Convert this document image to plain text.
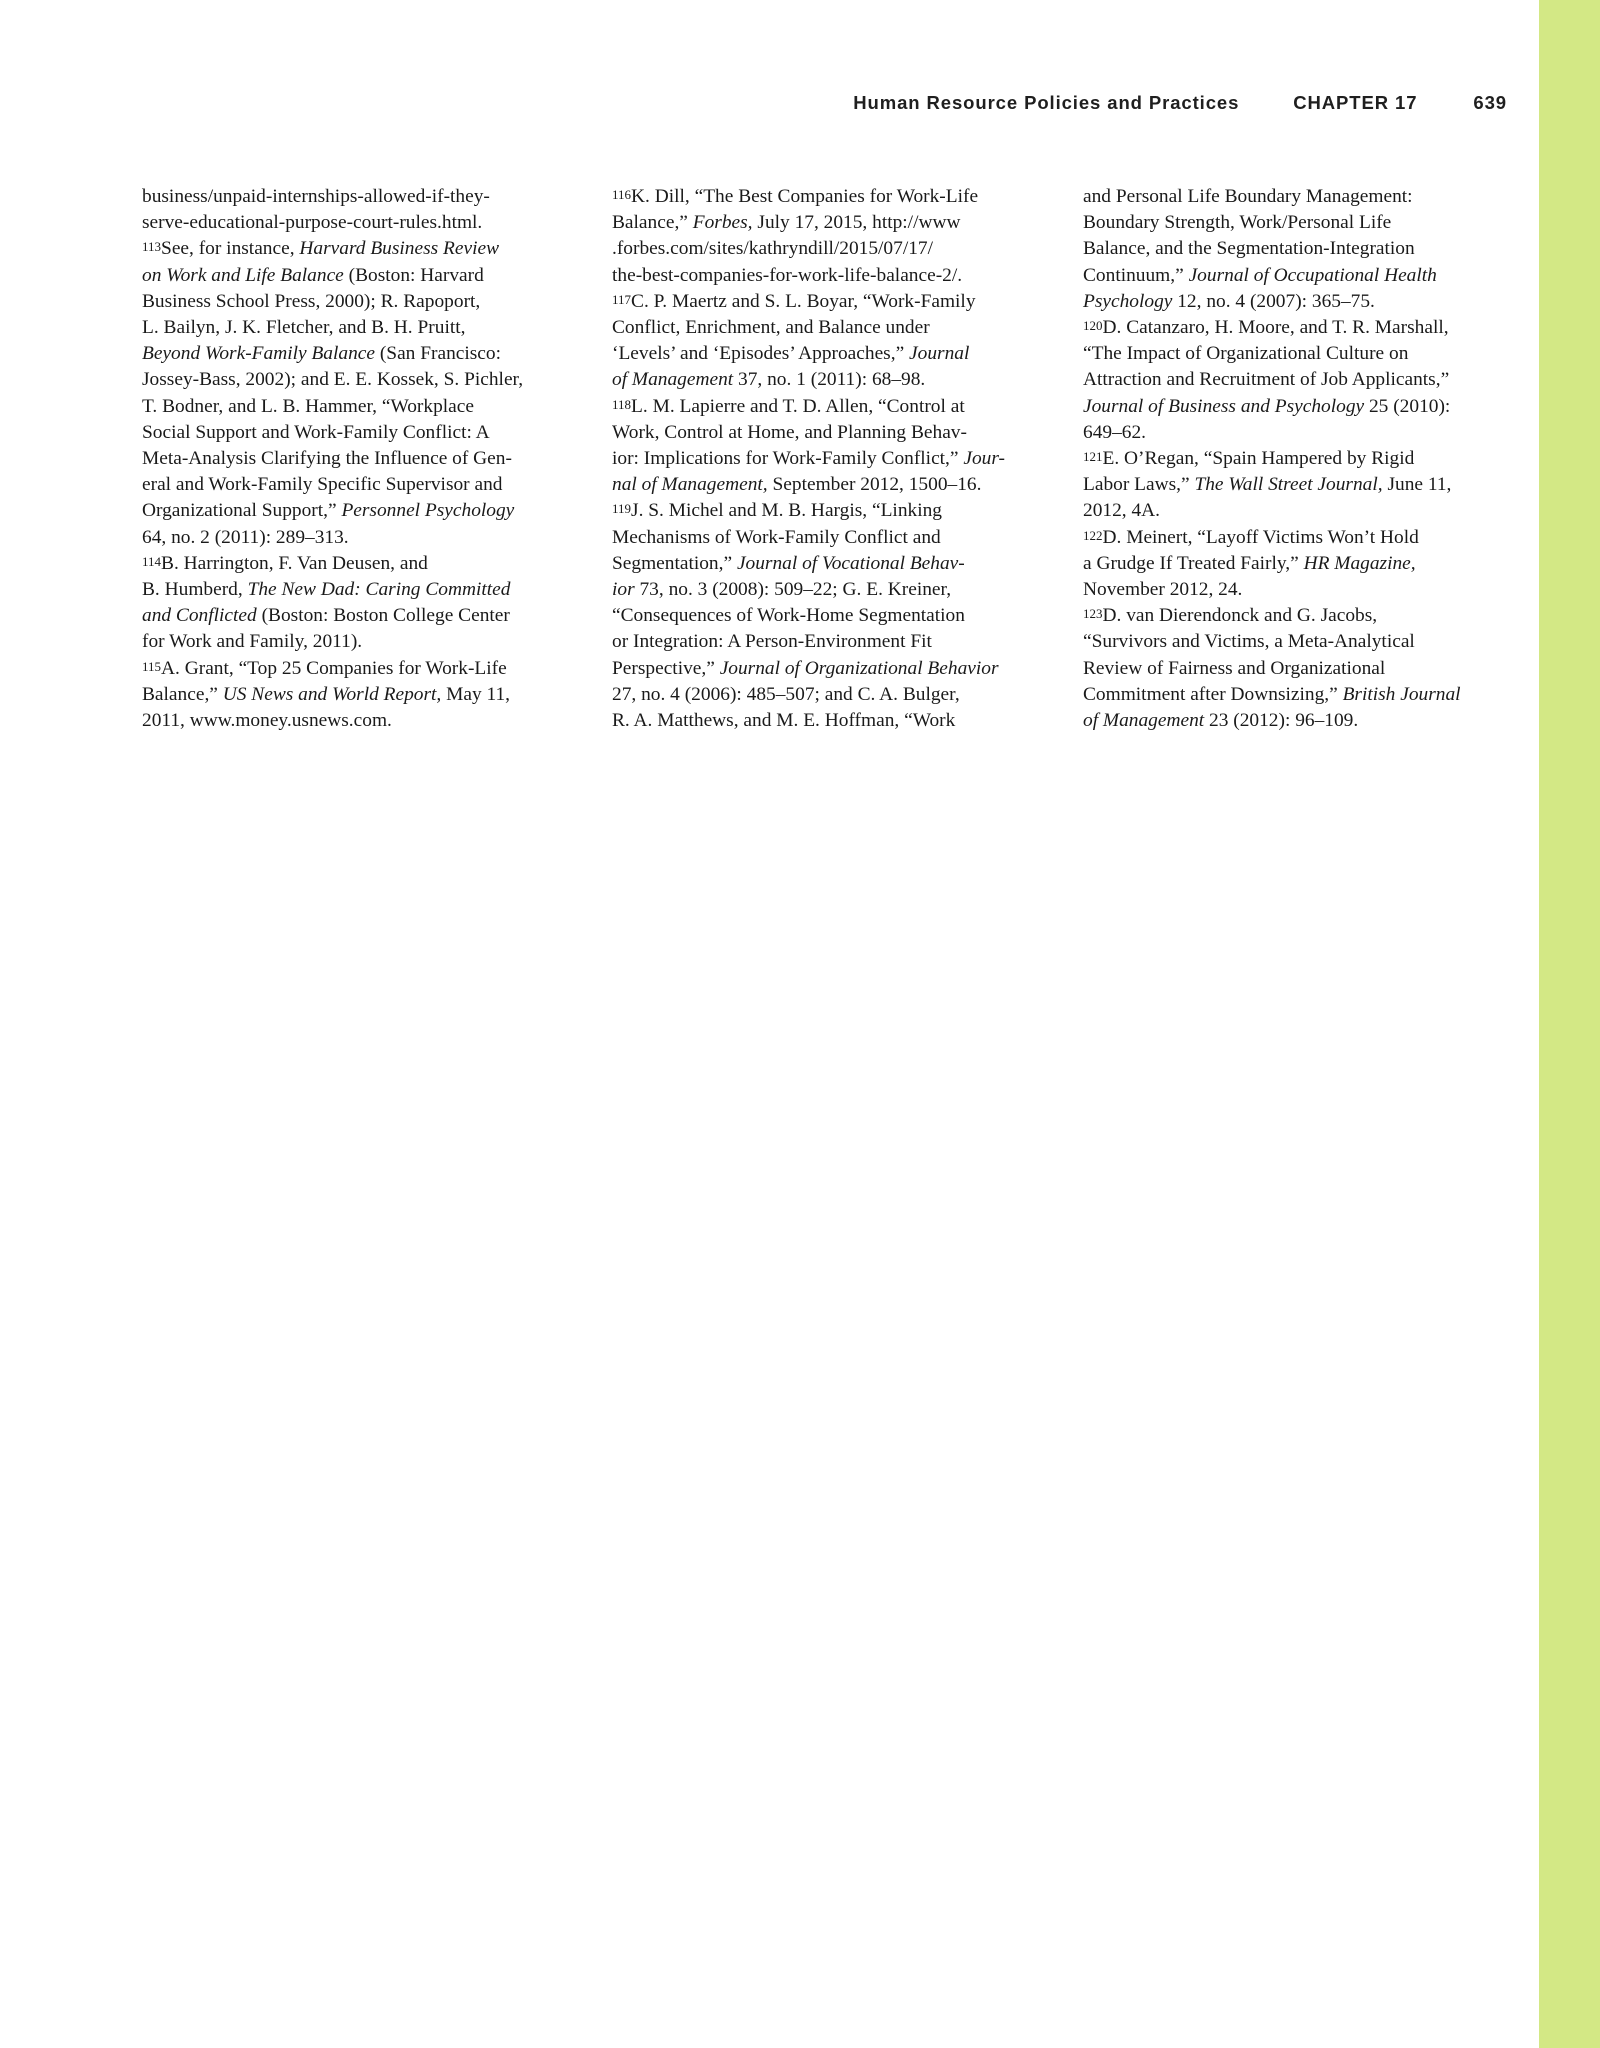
Human Resource Policies and Practices	CHAPTER 17	639
business/unpaid-internships-allowed-if-they-
serve-educational-purpose-court-rules.html.
$^{113}$See, for instance, Harvard Business Review
on Work and Life Balance (Boston: Harvard
Business School Press, 2000); R. Rapoport,
L. Bailyn, J. K. Fletcher, and B. H. Pruitt,
Beyond Work-Family Balance (San Francisco:
Jossey-Bass, 2002); and E. E. Kossek, S. Pichler,
T. Bodner, and L. B. Hammer, “Workplace
Social Support and Work-Family Conflict: A
Meta-Analysis Clarifying the Influence of Gen-
eral and Work-Family Specific Supervisor and
Organizational Support,” Personnel Psychology
64, no. 2 (2011): 289–313.
$^{114}$B. Harrington, F. Van Deusen, and
B. Humberd, The New Dad: Caring Committed
and Conflicted (Boston: Boston College Center
for Work and Family, 2011).
$^{115}$A. Grant, “Top 25 Companies for Work-Life
Balance,” US News and World Report, May 11,
2011, www.money.usnews.com.
$^{116}$K. Dill, “The Best Companies for Work-Life
Balance,” Forbes, July 17, 2015, http://www
.forbes.com/sites/kathryndill/2015/07/17/
the-best-companies-for-work-life-balance-2/.
$^{117}$C. P. Maertz and S. L. Boyar, “Work-Family
Conflict, Enrichment, and Balance under
‘Levels’ and ‘Episodes’ Approaches,” Journal
of Management 37, no. 1 (2011): 68–98.
$^{118}$L. M. Lapierre and T. D. Allen, “Control at
Work, Control at Home, and Planning Behav-
ior: Implications for Work-Family Conflict,” Jour-
nal of Management, September 2012, 1500–16.
$^{119}$J. S. Michel and M. B. Hargis, “Linking
Mechanisms of Work-Family Conflict and
Segmentation,” Journal of Vocational Behav-
ior 73, no. 3 (2008): 509–22; G. E. Kreiner,
“Consequences of Work-Home Segmentation
or Integration: A Person-Environment Fit
Perspective,” Journal of Organizational Behavior
27, no. 4 (2006): 485–507; and C. A. Bulger,
R. A. Matthews, and M. E. Hoffman, “Work
and Personal Life Boundary Management:
Boundary Strength, Work/Personal Life
Balance, and the Segmentation-Integration
Continuum,” Journal of Occupational Health
Psychology 12, no. 4 (2007): 365–75.
$^{120}$D. Catanzaro, H. Moore, and T. R. Marshall,
“The Impact of Organizational Culture on
Attraction and Recruitment of Job Applicants,”
Journal of Business and Psychology 25 (2010):
649–62.
$^{121}$E. O’Regan, “Spain Hampered by Rigid
Labor Laws,” The Wall Street Journal, June 11,
2012, 4A.
$^{122}$D. Meinert, “Layoff Victims Won’t Hold
a Grudge If Treated Fairly,” HR Magazine,
November 2012, 24.
$^{123}$D. van Dierendonck and G. Jacobs,
“Survivors and Victims, a Meta-Analytical
Review of Fairness and Organizational
Commitment after Downsizing,” British Journal
of Management 23 (2012): 96–109.
